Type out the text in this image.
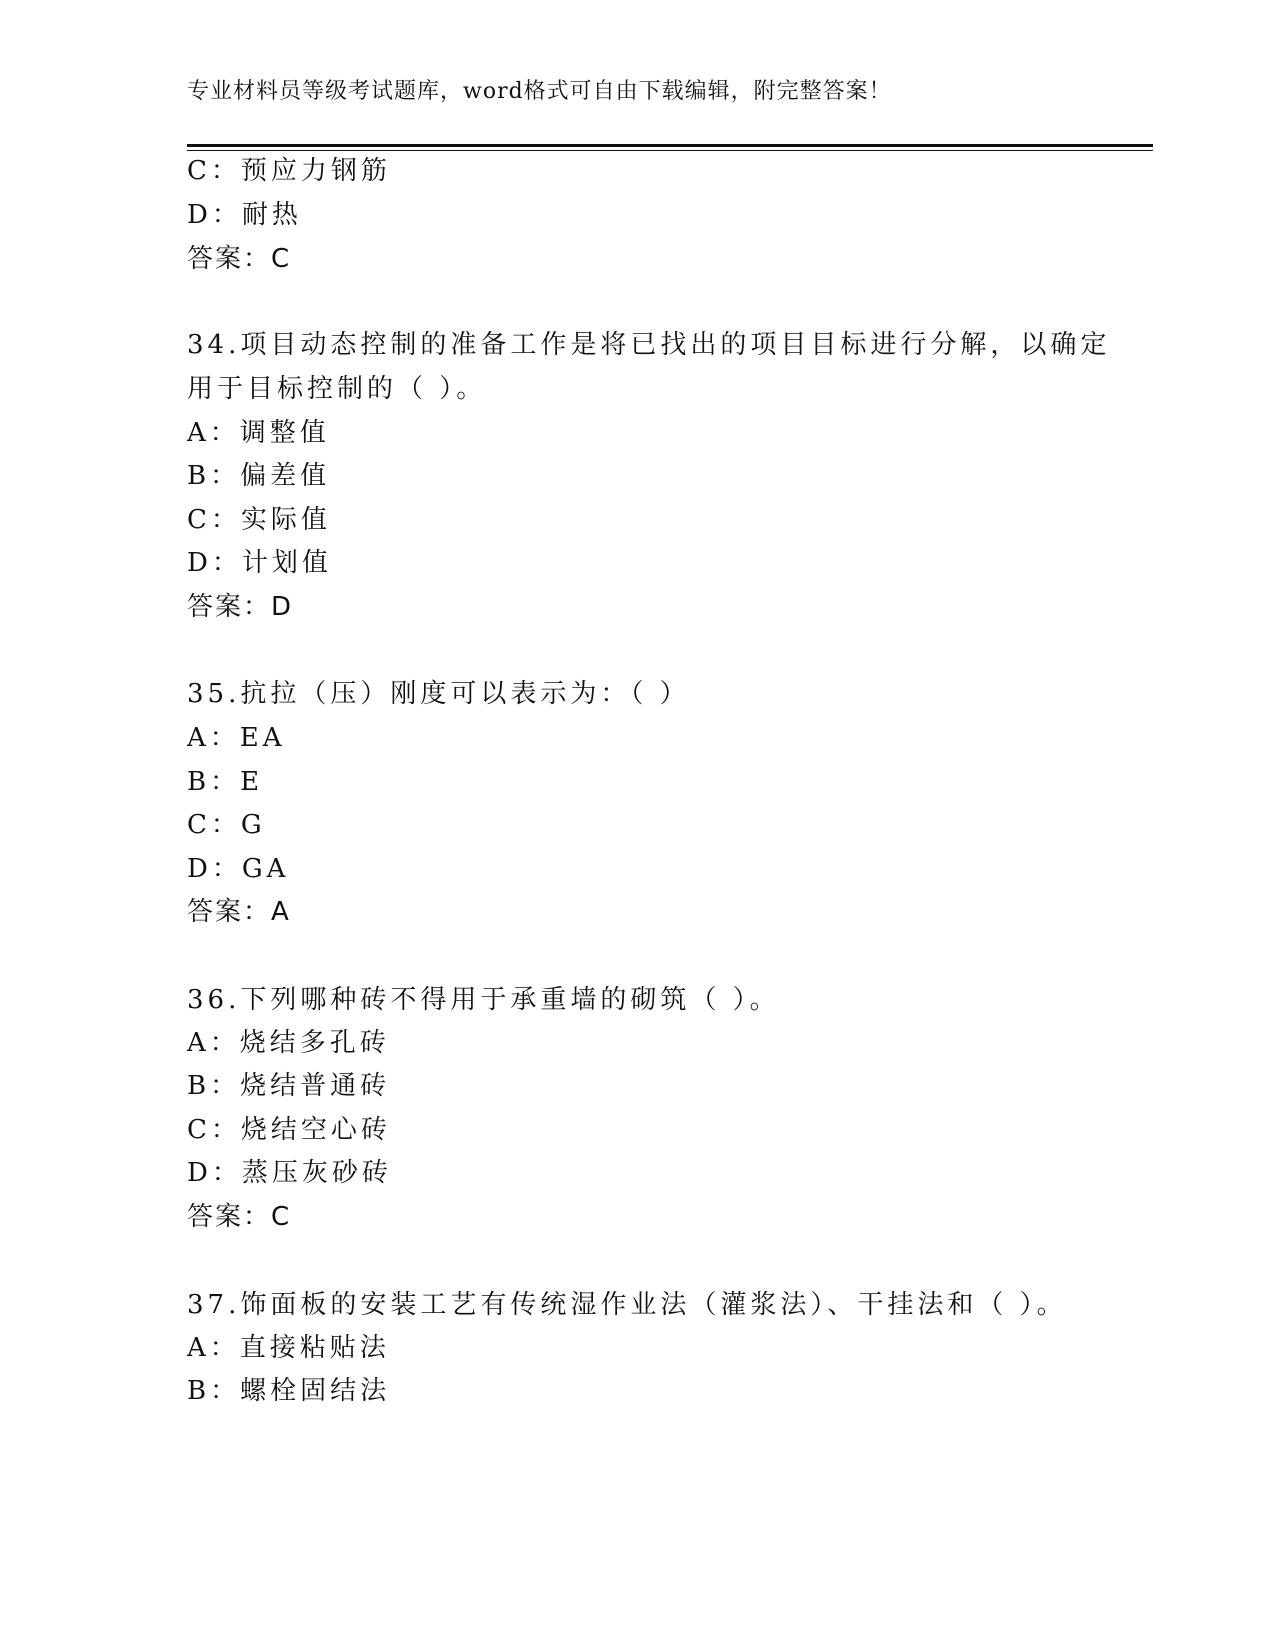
专业材料员等级考试题库，word格式可自由下载编辑，附完整答案！
C：预应力钢筋
D：耐热
答案：C
34.项目动态控制的准备工作是将已找出的项目目标进行分解，以确定
用于目标控制的（ ）。
A：调整值
B：偏差值
C：实际值
D：计划值
答案：D
35.抗拉（压）刚度可以表示为：（ ）
A：EA
B：E
C：G
D：GA
答案：A
36.下列哪种砖不得用于承重墙的砌筑（ ）。
A：烧结多孔砖
B：烧结普通砖
C：烧结空心砖
D：蒸压灰砂砖
答案：C
37.饰面板的安装工艺有传统湿作业法（灌浆法）、干挂法和（ ）。
A：直接粘贴法
B：螺栓固结法
